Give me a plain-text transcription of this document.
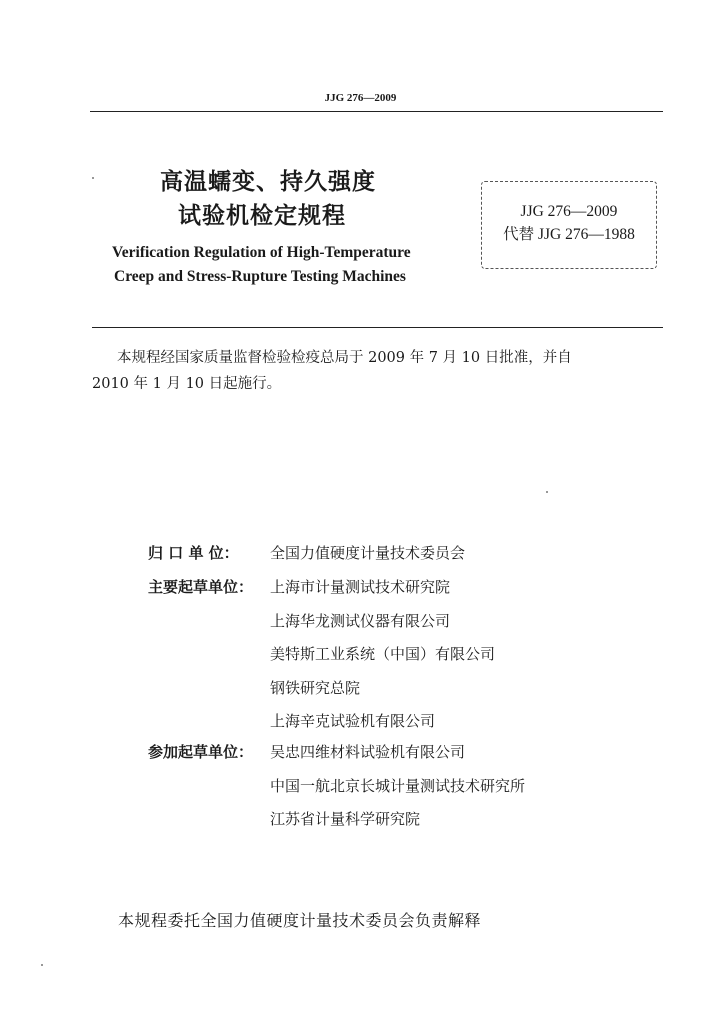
JJG 276—2009
高温蠕变、持久强度
试验机检定规程
Verification Regulation of High-Temperature
Creep and Stress-Rupture Testing Machines
JJG 276—2009
代替 JJG 276—1988
本规程经国家质量监督检验检疫总局于 2009 年 7 月 10 日批准，并自
2010 年 1 月 10 日起施行。
归 口 单 位： 全国力值硬度计量技术委员会
主要起草单位： 上海市计量测试技术研究院
上海华龙测试仪器有限公司
美特斯工业系统（中国）有限公司
钢铁研究总院
上海辛克试验机有限公司
参加起草单位： 吴忠四维材料试验机有限公司
中国一航北京长城计量测试技术研究所
江苏省计量科学研究院
本规程委托全国力值硬度计量技术委员会负责解释
